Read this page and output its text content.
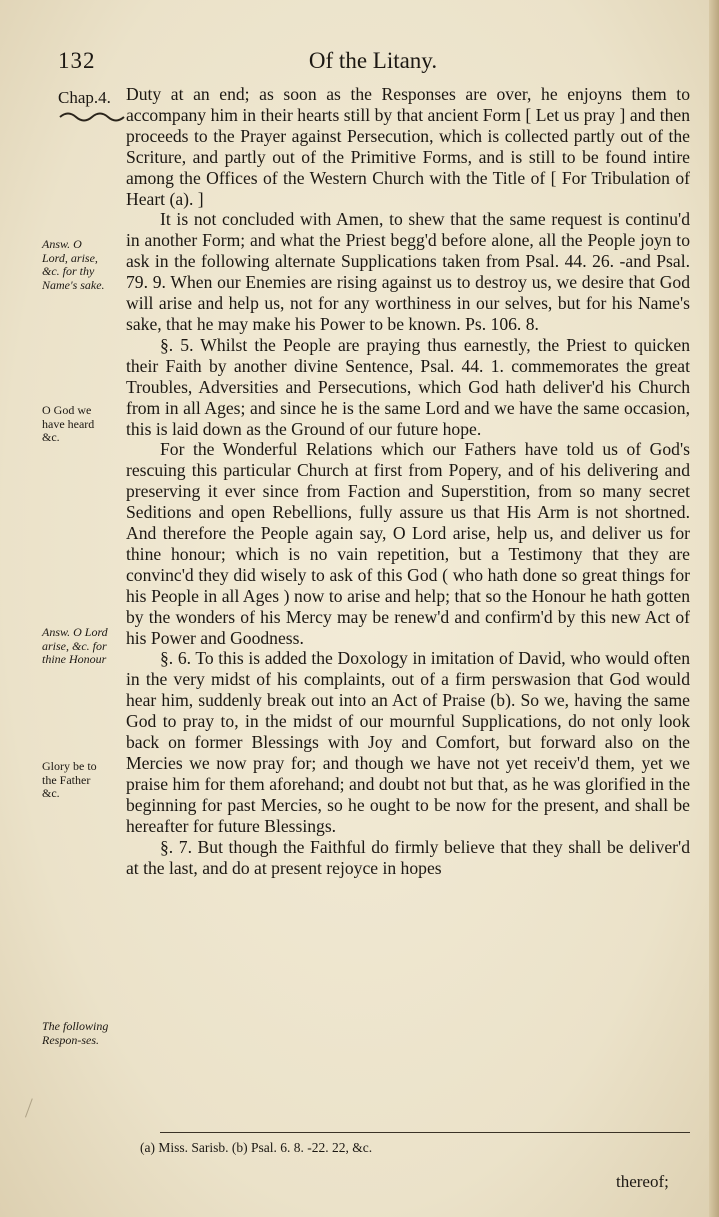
132	Of the Litany.
Chap.4.
Answ. O Lord, arise, &c. for thy Name's sake.
O God we have heard &c.
Answ. O Lord arise, &c. for thine Honour
Glory be to the Father &c.
The following Respon-ses.

Duty at an end; as soon as the Responses are over, he enjoyns them to accompany him in their hearts still by that ancient Form [ Let us pray ] and then proceeds to the Prayer against Persecution, which is collected partly out of the Scriture, and partly out of the Primitive Forms, and is still to be found intire among the Offices of the Western Church with the Title of [ For Tribulation of Heart (a). ]

It is not concluded with Amen, to shew that the same request is continu'd in another Form; and what the Priest begg'd before alone, all the People joyn to ask in the following alternate Supplications taken from Psal. 44. 26. -and Psal. 79. 9. When our Enemies are rising against us to destroy us, we desire that God will arise and help us, not for any worthiness in our selves, but for his Name's sake, that he may make his Power to be known. Ps. 106. 8.

§. 5. Whilst the People are praying thus earnestly, the Priest to quicken their Faith by another divine Sentence, Psal. 44. 1. commemorates the great Troubles, Adversities and Persecutions, which God hath deliver'd his Church from in all Ages; and since he is the same Lord and we have the same occasion, this is laid down as the Ground of our future hope.

For the Wonderful Relations which our Fathers have told us of God's rescuing this particular Church at first from Popery, and of his delivering and preserving it ever since from Faction and Superstition, from so many secret Seditions and open Rebellions, fully assure us that His Arm is not shortned. And therefore the People again say, O Lord arise, help us, and deliver us for thine honour; which is no vain repetition, but a Testimony that they are convinc'd they did wisely to ask of this God ( who hath done so great things for his People in all Ages ) now to arise and help; that so the Honour he hath gotten by the wonders of his Mercy may be renew'd and confirm'd by this new Act of his Power and Goodness.

§. 6. To this is added the Doxology in imitation of David, who would often in the very midst of his complaints, out of a firm perswasion that God would hear him, suddenly break out into an Act of Praise (b). So we, having the same God to pray to, in the midst of our mournful Supplications, do not only look back on former Blessings with Joy and Comfort, but forward also on the Mercies we now pray for; and though we have not yet receiv'd them, yet we praise him for them aforehand; and doubt not but that, as he was glorified in the beginning for past Mercies, so he ought to be now for the present, and shall be hereafter for future Blessings.

§. 7. But though the Faithful do firmly believe that they shall be deliver'd at the last, and do at present rejoyce in hopes

(a) Miss. Sarisb. (b) Psal. 6. 8. -22. 22, &c.
thereof;
